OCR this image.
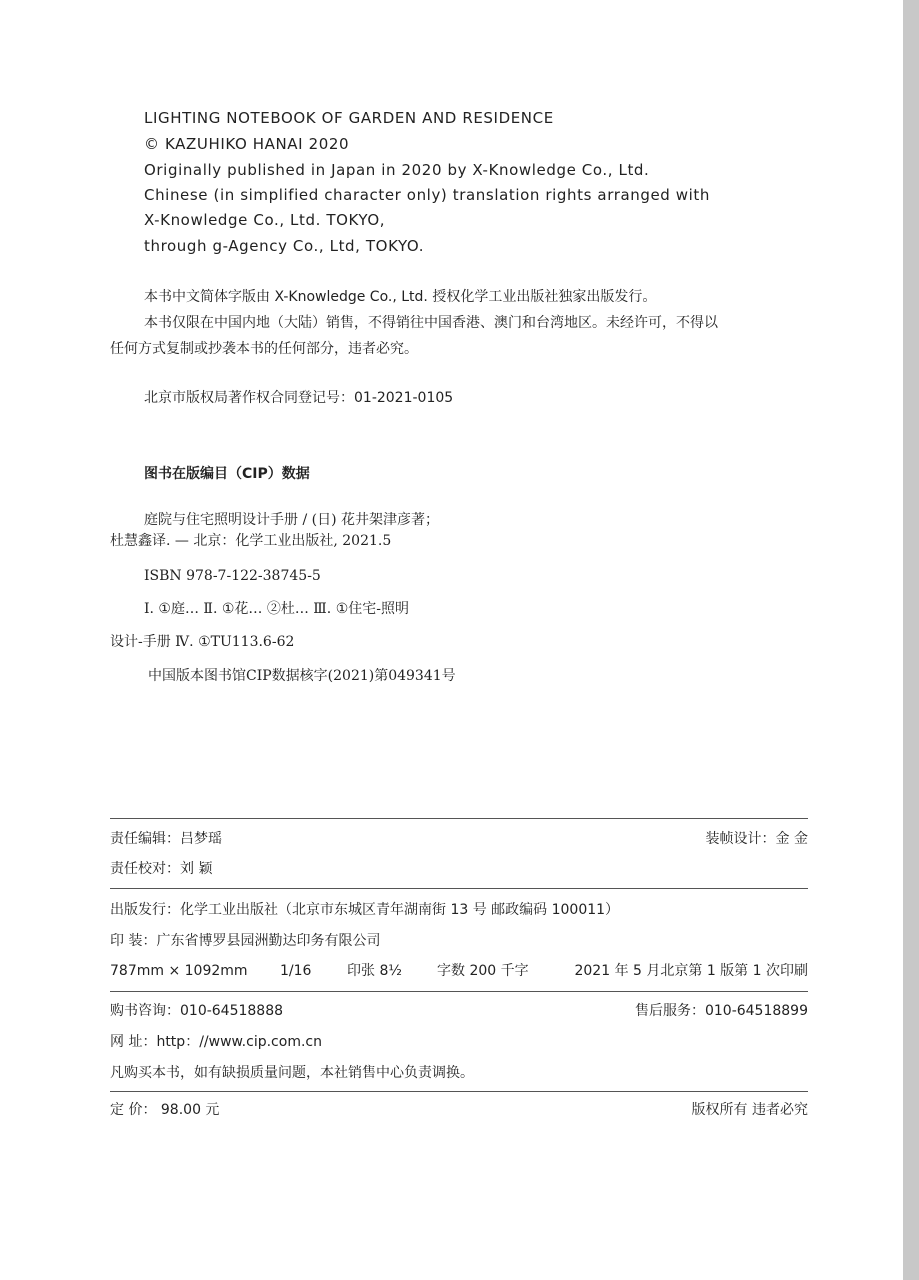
LIGHTING NOTEBOOK OF GARDEN AND RESIDENCE
© KAZUHIKO HANAI 2020
Originally published in Japan in 2020 by X-Knowledge Co., Ltd.
Chinese (in simplified character only) translation rights arranged with
X-Knowledge Co., Ltd. TOKYO,
through g-Agency Co., Ltd, TOKYO.
本书中文简体字版由 X-Knowledge Co., Ltd. 授权化学工业出版社独家出版发行。
本书仅限在中国内地（大陆）销售，不得销往中国香港、澳门和台湾地区。未经许可，不得以
任何方式复制或抄袭本书的任何部分，违者必究。
北京市版权局著作权合同登记号：01-2021-0105
图书在版编目（CIP）数据
庭院与住宅照明设计手册 / (日) 花井架津彦著；
杜慧鑫译. — 北京：化学工业出版社, 2021.5
ISBN 978-7-122-38745-5
Ⅰ. ①庭… Ⅱ. ①花… ②杜… Ⅲ. ①住宅-照明
设计-手册 Ⅳ. ①TU113.6-62
中国版本图书馆CIP数据核字(2021)第049341号
责任编辑：吕梦瑶	装帧设计：金 金
责任校对：刘 颖
出版发行：化学工业出版社（北京市东城区青年湖南街 13 号 邮政编码 100011）
印 装：广东省博罗县园洲勤达印务有限公司
787mm × 1092mm 1/16	印张 8½	字数 200 千字	2021 年 5 月北京第 1 版第 1 次印刷
购书咨询：010-64518888	售后服务：010-64518899
网 址：http：//www.cip.com.cn
凡购买本书，如有缺损质量问题，本社销售中心负责调换。
定 价： 98.00 元	版权所有 违者必究
